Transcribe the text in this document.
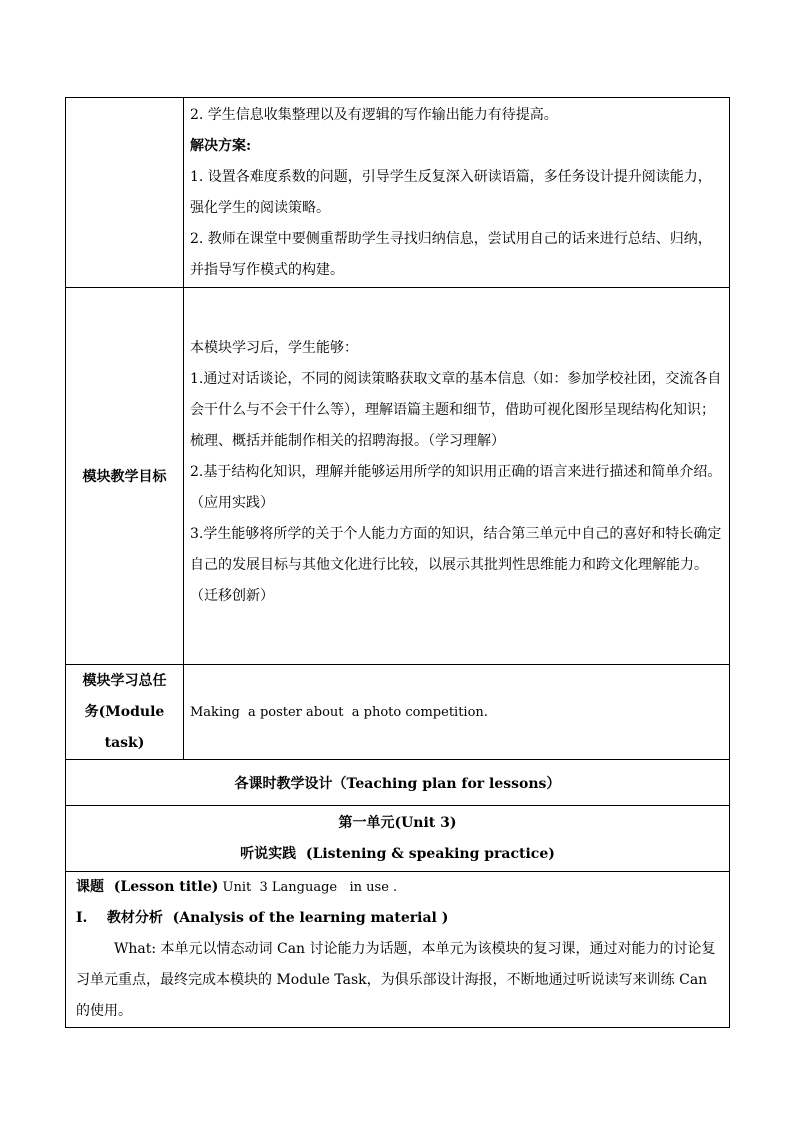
	2. 学生信息收集整理以及有逻辑的写作输出能力有待提高。

解决方案:

1. 设置各难度系数的问题，引导学生反复深入研读语篇，多任务设计提升阅读能力，强化学生的阅读策略。

2. 教师在课堂中要侧重帮助学生寻找归纳信息，尝试用自己的话来进行总结、归纳，并指导写作模式的构建。

模块教学目标	本模块学习后，学生能够：

1.通过对话谈论，不同的阅读策略获取文章的基本信息（如：参加学校社团，交流各自会干什么与不会干什么等），理解语篇主题和细节，借助可视化图形呈现结构化知识；梳理、概括并能制作相关的招聘海报。（学习理解）

2.基于结构化知识，理解并能够运用所学的知识用正确的语言来进行描述和简单介绍。（应用实践）

3.学生能够将所学的关于个人能力方面的知识，结合第三单元中自己的喜好和特长确定自己的发展目标与其他文化进行比较，以展示其批判性思维能力和跨文化理解能力。（迁移创新）

模块学习总任
务(Module
task)	Making  a poster about  a photo competition.

各课时教学设计（Teaching plan for lessons）	

第一单元(Unit 3)
听说实践  (Listening & speaking practice)	

课题  (Lesson title) Unit  3 Language   in use .

I.    教材分析  (Analysis of the learning material )

What: 本单元以情态动词 Can 讨论能力为话题，本单元为该模块的复习课，通过对能力的讨论复习单元重点，最终完成本模块的 Module Task，为俱乐部设计海报，不断地通过听说读写来训练 Can 的使用。	
